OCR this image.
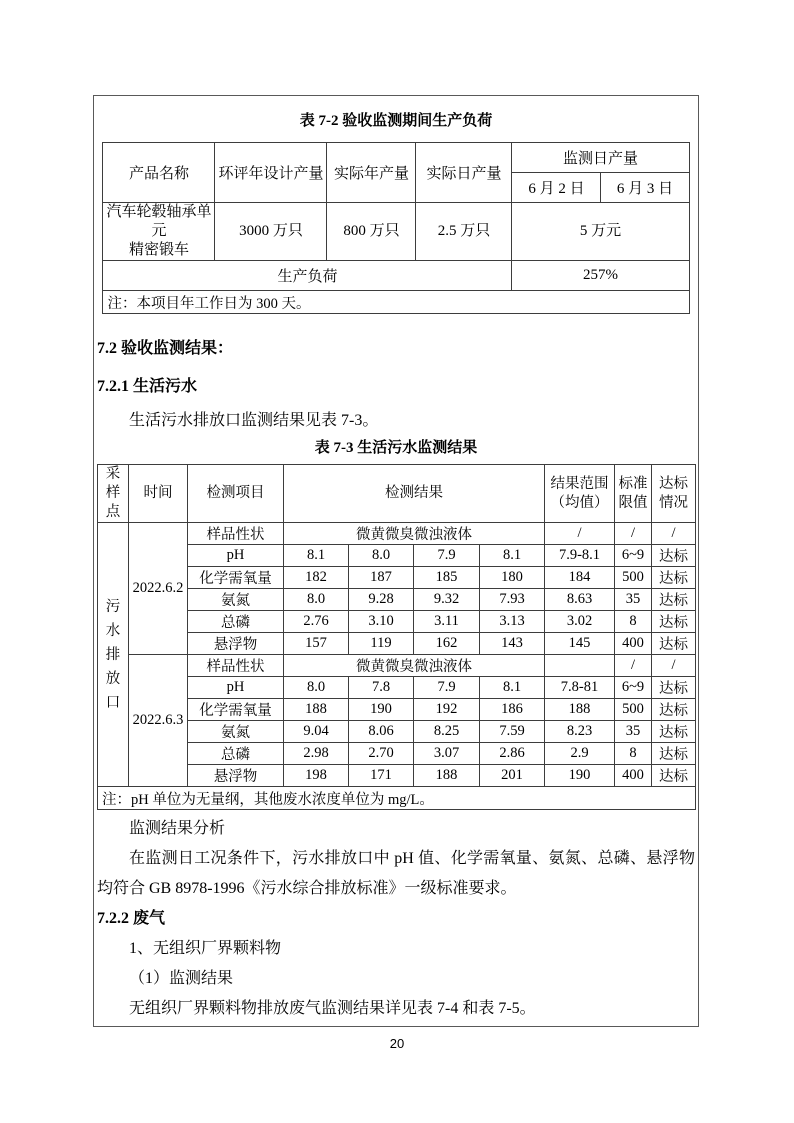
表 7-2 验收监测期间生产负荷
产品名称	环评年设计产量	实际年产量	实际日产量	监测日产量	
				6 月 2 日	6 月 3 日

汽车轮毂轴承单元
精密锻车	3000 万只	800 万只	2.5 万只	5 万元	
生产负荷				257%	
注：本项目年工作日为 300 天。					
7.2 验收监测结果：
7.2.1 生活污水

生活污水排放口监测结果见表 7-3。

表 7-3 生活污水监测结果
采样点	时间	检测项目	检测结果				结果范围（均值）	标准限值	达标情况
污水排放口	2022.6.2	样品性状	微黄微臭微浊液体				/	/	/
		pH	8.1	8.0	7.9	8.1	7.9-8.1	6~9	达标
		化学需氧量	182	187	185	180	184	500	达标
		氨氮	8.0	9.28	9.32	7.93	8.63	35	达标
		总磷	2.76	3.10	3.11	3.13	3.02	8	达标
		悬浮物	157	119	162	143	145	400	达标
	2022.6.3	样品性状	微黄微臭微浊液体					/	/
		pH	8.0	7.8	7.9	8.1	7.8-81	6~9	达标
		化学需氧量	188	190	192	186	188	500	达标
		氨氮	9.04	8.06	8.25	7.59	8.23	35	达标
		总磷	2.98	2.70	3.07	2.86	2.9	8	达标
		悬浮物	198	171	188	201	190	400	达标
注：pH 单位为无量纲，其他废水浓度单位为 mg/L。									

监测结果分析

在监测日工况条件下，污水排放口中 pH 值、化学需氧量、氨氮、总磷、悬浮物

均符合 GB 8978-1996《污水综合排放标准》一级标准要求。

7.2.2 废气

1、无组织厂界颗料物

（1）监测结果

无组织厂界颗料物排放废气监测结果详见表 7-4 和表 7-5。

20
